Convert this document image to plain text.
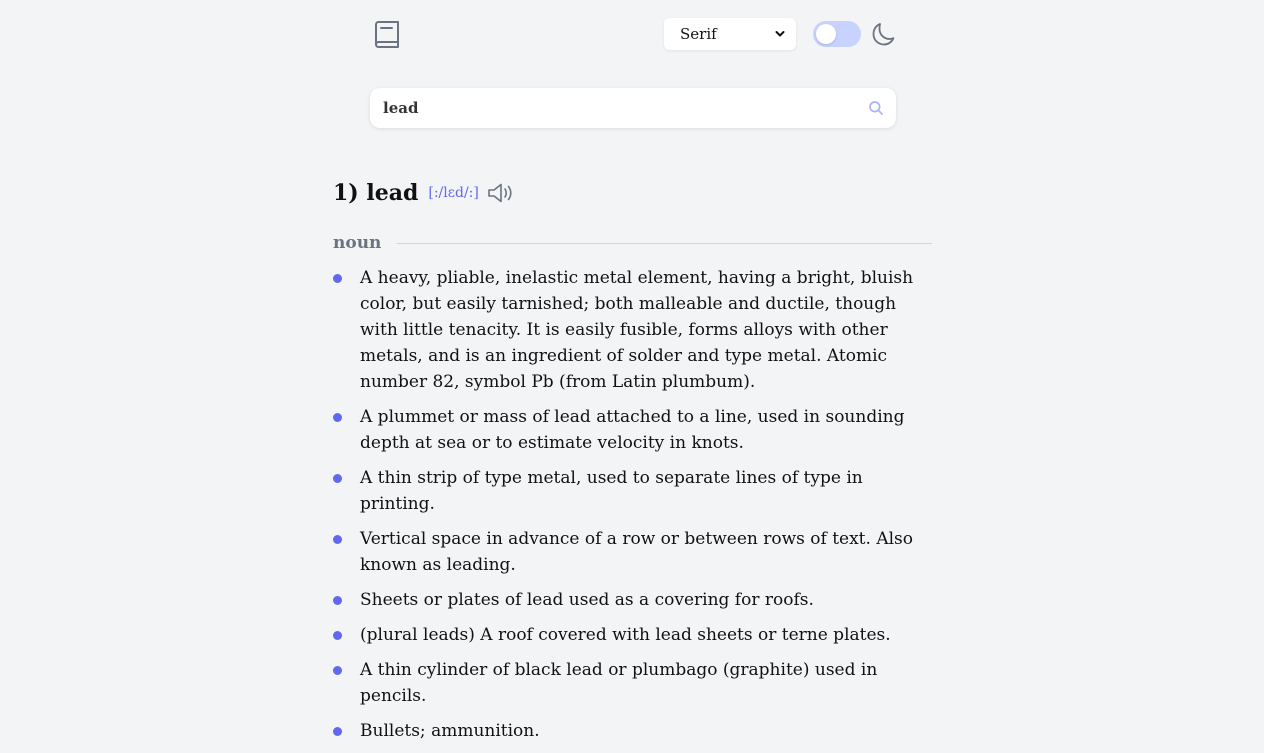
Serif
lead
1) lead [:/lɛd/:]
noun
A heavy, pliable, inelastic metal element, having a bright, bluish color, but easily tarnished; both malleable and ductile, though with little tenacity. It is easily fusible, forms alloys with other metals, and is an ingredient of solder and type metal. Atomic number 82, symbol Pb (from Latin plumbum).
A plummet or mass of lead attached to a line, used in sounding depth at sea or to estimate velocity in knots.
A thin strip of type metal, used to separate lines of type in printing.
Vertical space in advance of a row or between rows of text. Also known as leading.
Sheets or plates of lead used as a covering for roofs.
(plural leads) A roof covered with lead sheets or terne plates.
A thin cylinder of black lead or plumbago (graphite) used in pencils.
Bullets; ammunition.
